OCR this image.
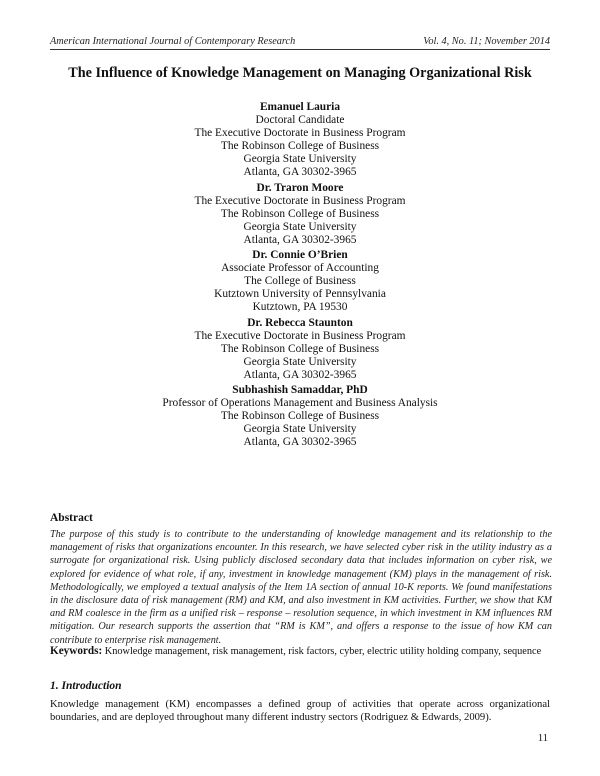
American International Journal of Contemporary Research	Vol. 4, No. 11; November 2014
The Influence of Knowledge Management on Managing Organizational Risk
Emanuel Lauria
Doctoral Candidate
The Executive Doctorate in Business Program
The Robinson College of Business
Georgia State University
Atlanta, GA 30302-3965
Dr. Traron Moore
The Executive Doctorate in Business Program
The Robinson College of Business
Georgia State University
Atlanta, GA 30302-3965
Dr. Connie O’Brien
Associate Professor of Accounting
The College of Business
Kutztown University of Pennsylvania
Kutztown, PA 19530
Dr. Rebecca Staunton
The Executive Doctorate in Business Program
The Robinson College of Business
Georgia State University
Atlanta, GA 30302-3965
Subhashish Samaddar, PhD
Professor of Operations Management and Business Analysis
The Robinson College of Business
Georgia State University
Atlanta, GA 30302-3965
Abstract
The purpose of this study is to contribute to the understanding of knowledge management and its relationship to the management of risks that organizations encounter. In this research, we have selected cyber risk in the utility industry as a surrogate for organizational risk. Using publicly disclosed secondary data that includes information on cyber risk, we explored for evidence of what role, if any, investment in knowledge management (KM) plays in the management of risk. Methodologically, we employed a textual analysis of the Item 1A section of annual 10-K reports. We found manifestations in the disclosure data of risk management (RM) and KM, and also investment in KM activities. Further, we show that KM and RM coalesce in the firm as a unified risk – response – resolution sequence, in which investment in KM influences RM mitigation. Our research supports the assertion that “RM is KM”, and offers a response to the issue of how KM can contribute to enterprise risk management.
Keywords: Knowledge management, risk management, risk factors, cyber, electric utility holding company, sequence
1. Introduction
Knowledge management (KM) encompasses a defined group of activities that operate across organizational boundaries, and are deployed throughout many different industry sectors (Rodriguez & Edwards, 2009).
11
